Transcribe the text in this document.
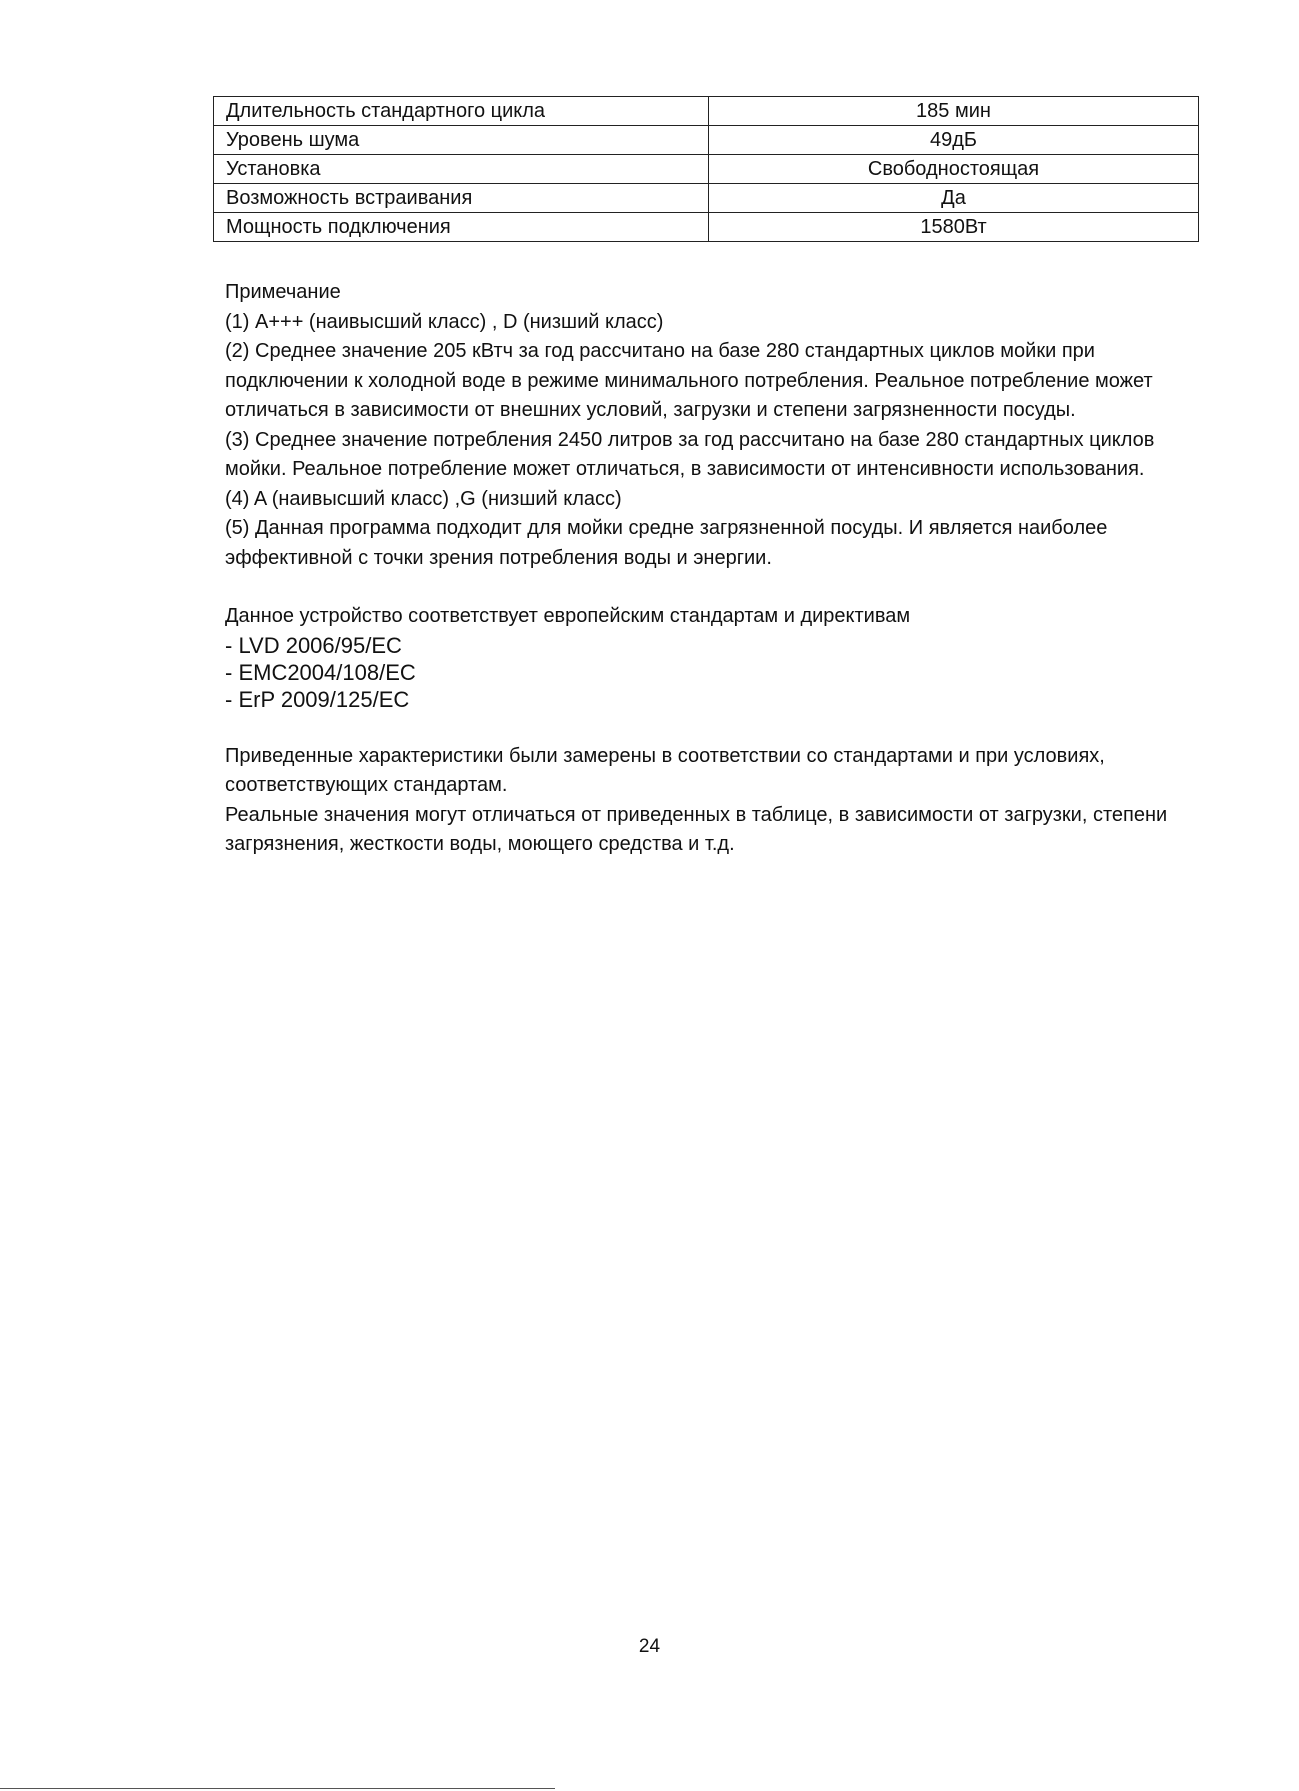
Длительность стандартного цикла	185 мин
Уровень шума	49дБ
Установка	Свободностоящая
Возможность встраивания	Да
Мощность подключения	1580Вт

Примечание

(1) А+++ (наивысший класс) , D (низший класс)

(2) Среднее значение 205 кВтч за год рассчитано на базе 280 стандартных циклов мойки при подключении к холодной воде в режиме минимального потребления. Реальное потребление может отличаться в зависимости от внешних условий, загрузки и степени загрязненности посуды.

(3) Среднее значение потребления 2450 литров за год рассчитано на базе 280 стандартных циклов мойки. Реальное потребление может отличаться, в зависимости от интенсивности использования.

(4) A (наивысший класс) ,G (низший класс)

(5) Данная программа подходит для мойки средне загрязненной посуды. И является наиболее эффективной с точки зрения потребления воды и энергии.

Данное устройство соответствует европейским стандартам и директивам

- LVD 2006/95/EC

- EMC2004/108/EC

- ErP 2009/125/EC

Приведенные характеристики были замерены в соответствии со стандартами и при условиях, соответствующих стандартам.

Реальные значения могут отличаться от приведенных в таблице, в зависимости от загрузки, степени загрязнения, жесткости воды, моющего средства и т.д.

24
